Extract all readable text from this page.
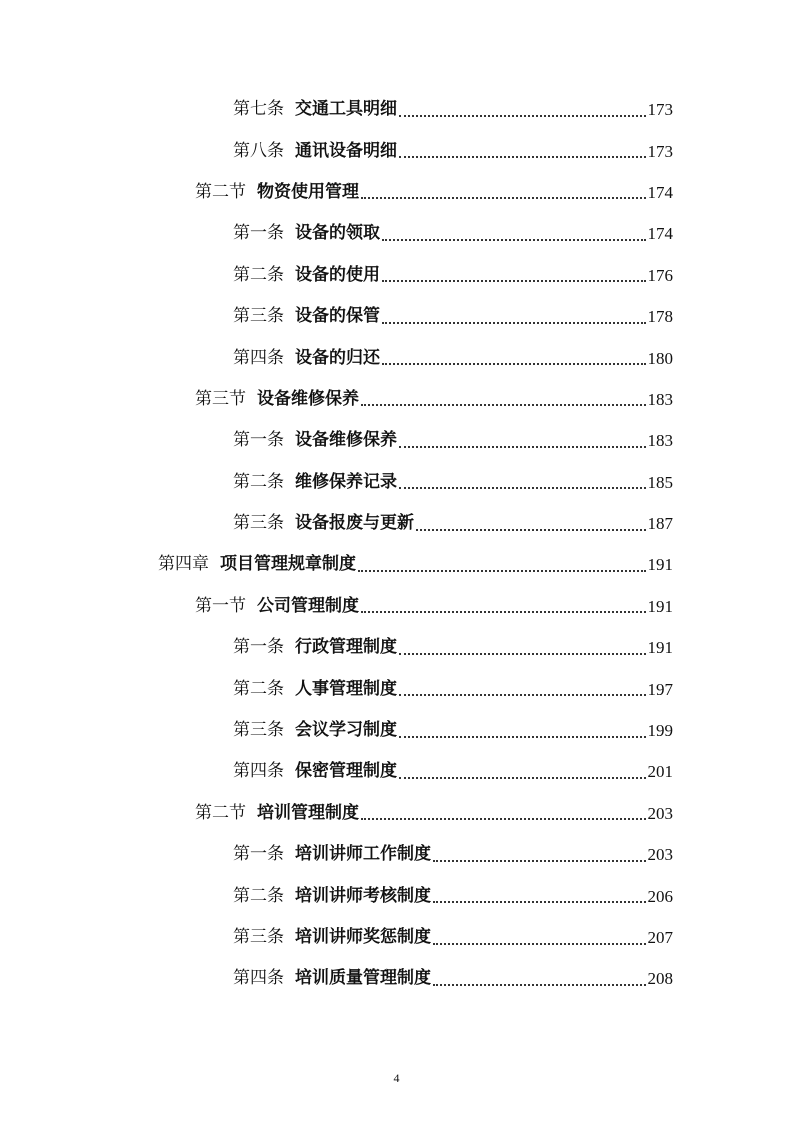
第七条 交通工具明细	173
第八条 通讯设备明细	173
第二节 物资使用管理	174
第一条 设备的领取	174
第二条 设备的使用	176
第三条 设备的保管	178
第四条 设备的归还	180
第三节 设备维修保养	183
第一条 设备维修保养	183
第二条 维修保养记录	185
第三条 设备报废与更新	187
第四章 项目管理规章制度	191
第一节 公司管理制度	191
第一条 行政管理制度	191
第二条 人事管理制度	197
第三条 会议学习制度	199
第四条 保密管理制度	201
第二节 培训管理制度	203
第一条 培训讲师工作制度	203
第二条 培训讲师考核制度	206
第三条 培训讲师奖惩制度	207
第四条 培训质量管理制度	208
4
